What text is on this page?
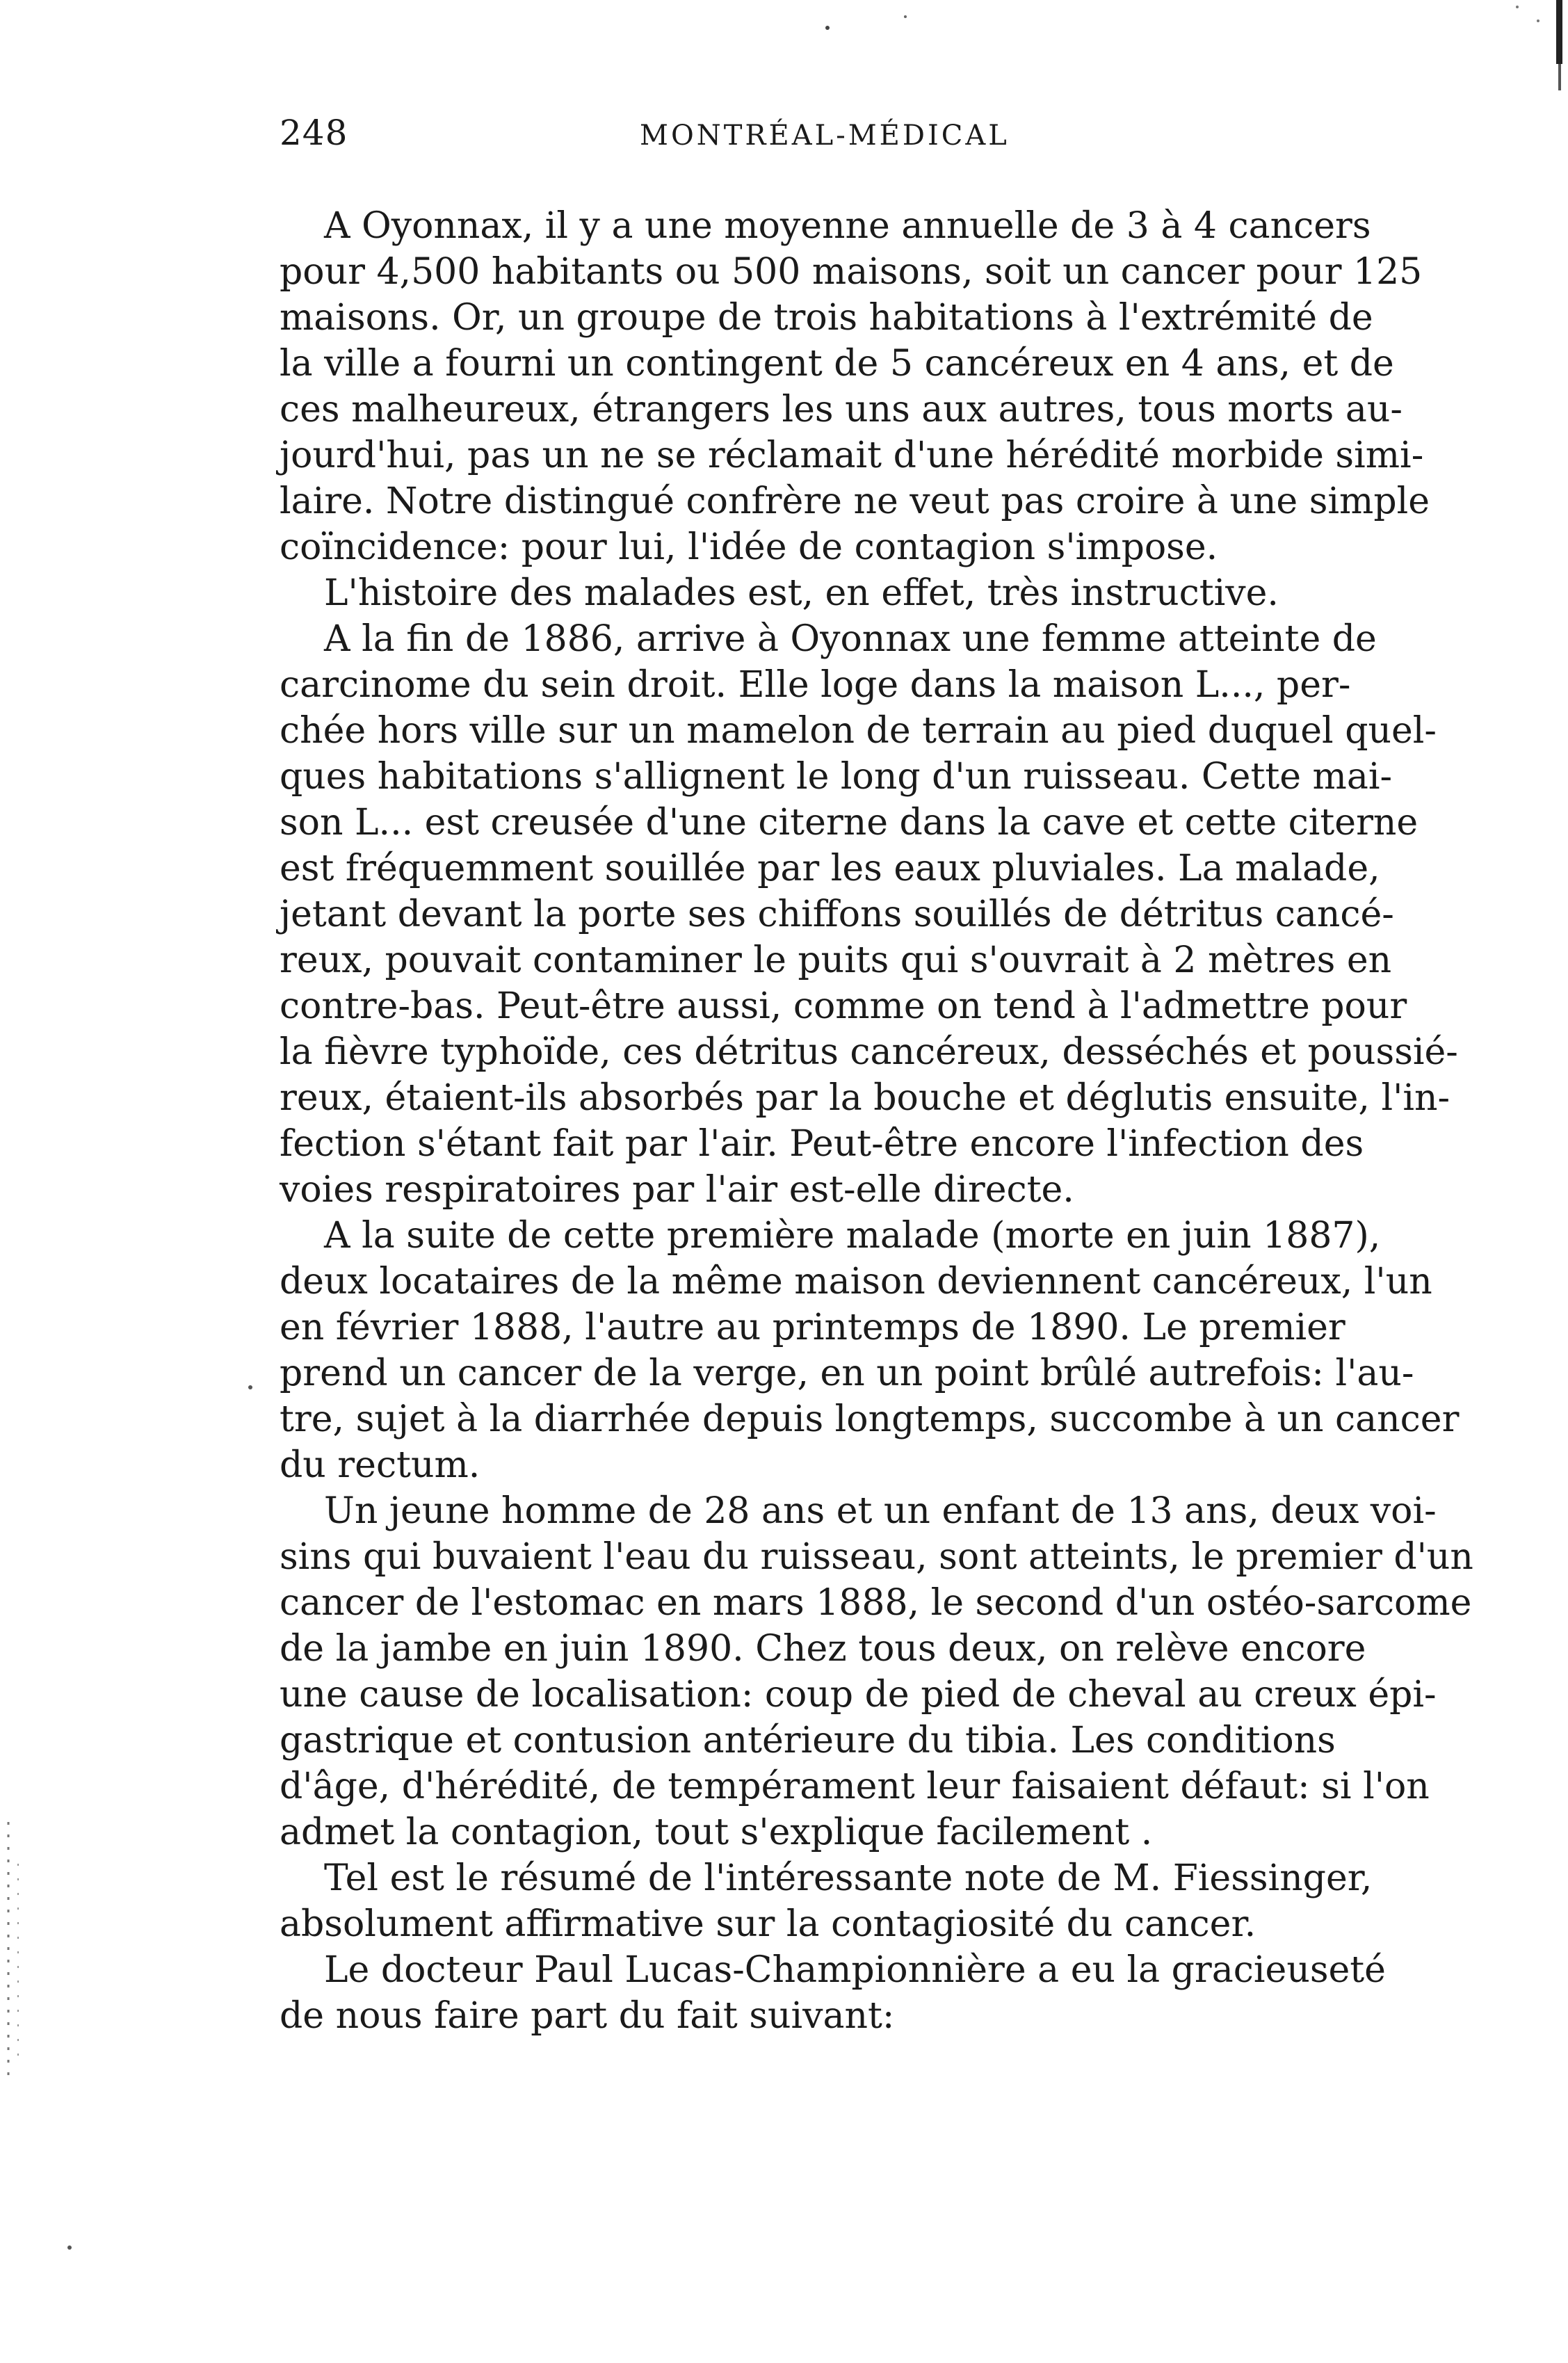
248	MONTRÉAL-MÉDICAL
A Oyonnax, il y a une moyenne annuelle de 3 à 4 cancers
pour 4,500 habitants ou 500 maisons, soit un cancer pour 125
maisons. Or, un groupe de trois habitations à l'extrémité de
la ville a fourni un contingent de 5 cancéreux en 4 ans, et de
ces malheureux, étrangers les uns aux autres, tous morts au-
jourd'hui, pas un ne se réclamait d'une hérédité morbide simi-
laire. Notre distingué confrère ne veut pas croire à une simple
coïncidence: pour lui, l'idée de contagion s'impose.
L'histoire des malades est, en effet, très instructive.
A la fin de 1886, arrive à Oyonnax une femme atteinte de
carcinome du sein droit. Elle loge dans la maison L..., per-
chée hors ville sur un mamelon de terrain au pied duquel quel-
ques habitations s'allignent le long d'un ruisseau. Cette mai-
son L... est creusée d'une citerne dans la cave et cette citerne
est fréquemment souillée par les eaux pluviales. La malade,
jetant devant la porte ses chiffons souillés de détritus cancé-
reux, pouvait contaminer le puits qui s'ouvrait à 2 mètres en
contre-bas. Peut-être aussi, comme on tend à l'admettre pour
la fièvre typhoïde, ces détritus cancéreux, desséchés et poussié-
reux, étaient-ils absorbés par la bouche et déglutis ensuite, l'in-
fection s'étant fait par l'air. Peut-être encore l'infection des
voies respiratoires par l'air est-elle directe.
A la suite de cette première malade (morte en juin 1887),
deux locataires de la même maison deviennent cancéreux, l'un
en février 1888, l'autre au printemps de 1890. Le premier
prend un cancer de la verge, en un point brûlé autrefois: l'au-
tre, sujet à la diarrhée depuis longtemps, succombe à un cancer
du rectum.
Un jeune homme de 28 ans et un enfant de 13 ans, deux voi-
sins qui buvaient l'eau du ruisseau, sont atteints, le premier d'un
cancer de l'estomac en mars 1888, le second d'un ostéo-sarcome
de la jambe en juin 1890. Chez tous deux, on relève encore
une cause de localisation: coup de pied de cheval au creux épi-
gastrique et contusion antérieure du tibia. Les conditions
d'âge, d'hérédité, de tempérament leur faisaient défaut: si l'on
admet la contagion, tout s'explique facilement .
Tel est le résumé de l'intéressante note de M. Fiessinger,
absolument affirmative sur la contagiosité du cancer.
Le docteur Paul Lucas-Championnière a eu la gracieuseté
de nous faire part du fait suivant:
